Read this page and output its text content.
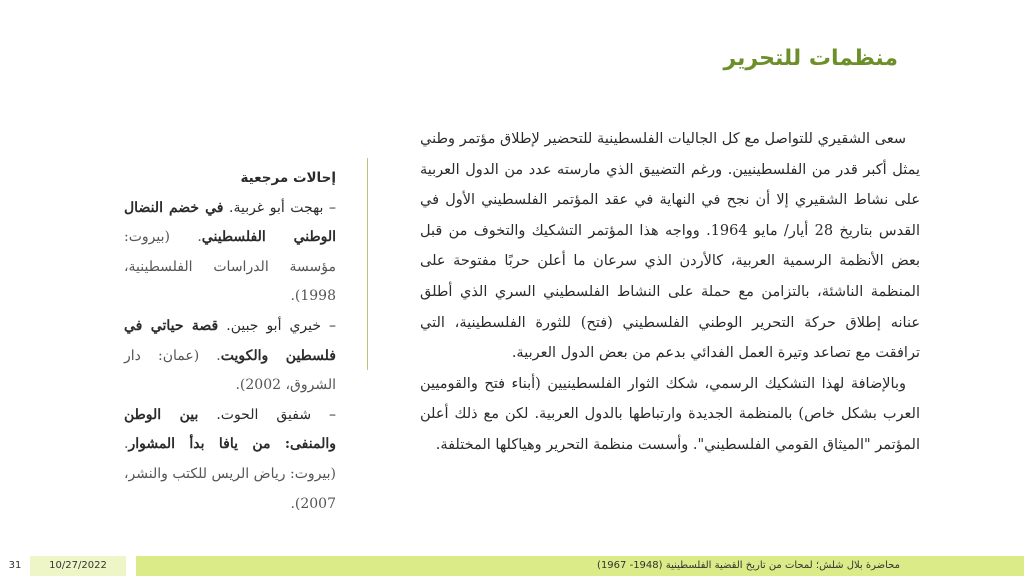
منظمات للتحرير

سعى الشقيري للتواصل مع كل الجاليات الفلسطينية للتحضير لإطلاق مؤتمر وطني يمثل أكبر قدر من الفلسطينيين. ورغم التضييق الذي مارسته عدد من الدول العربية على نشاط الشقيري إلا أن نجح في النهاية في عقد المؤتمر الفلسطيني الأول في القدس بتاريخ 28 أيار/ مايو 1964. وواجه هذا المؤتمر التشكيك والتخوف من قبل بعض الأنظمة الرسمية العربية، كالأردن الذي سرعان ما أعلن حربًا مفتوحة على المنظمة الناشئة، بالتزامن مع حملة على النشاط الفلسطيني السري الذي أطلق عنانه إطلاق حركة التحرير الوطني الفلسطيني (فتح) للثورة الفلسطينية، التي ترافقت مع تصاعد وتيرة العمل الفدائي بدعم من بعض الدول العربية.

وبالإضافة لهذا التشكيك الرسمي، شكك الثوار الفلسطينيين (أبناء فتح والقوميين العرب بشكل خاص) بالمنظمة الجديدة وارتباطها بالدول العربية. لكن مع ذلك أعلن المؤتمر "الميثاق القومي الفلسطيني". وأسست منظمة التحرير وهياكلها المختلفة.

إحالات مرجعية

– بهجت أبو غربية. في خضم النضال الوطني الفلسطيني. (بيروت: مؤسسة الدراسات الفلسطينية، 1998).

– خيري أبو جبين. قصة حياتي في فلسطين والكويت. (عمان: دار الشروق، 2002).

– شفيق الحوت. بين الوطن والمنفى: من يافا بدأ المشوار. (بيروت: رياض الريس للكتب والنشر، 2007).

31	10/27/2022	محاضرة بلال شلش؛ لمحات من تاريخ القضية الفلسطينية (1948- 1967)
